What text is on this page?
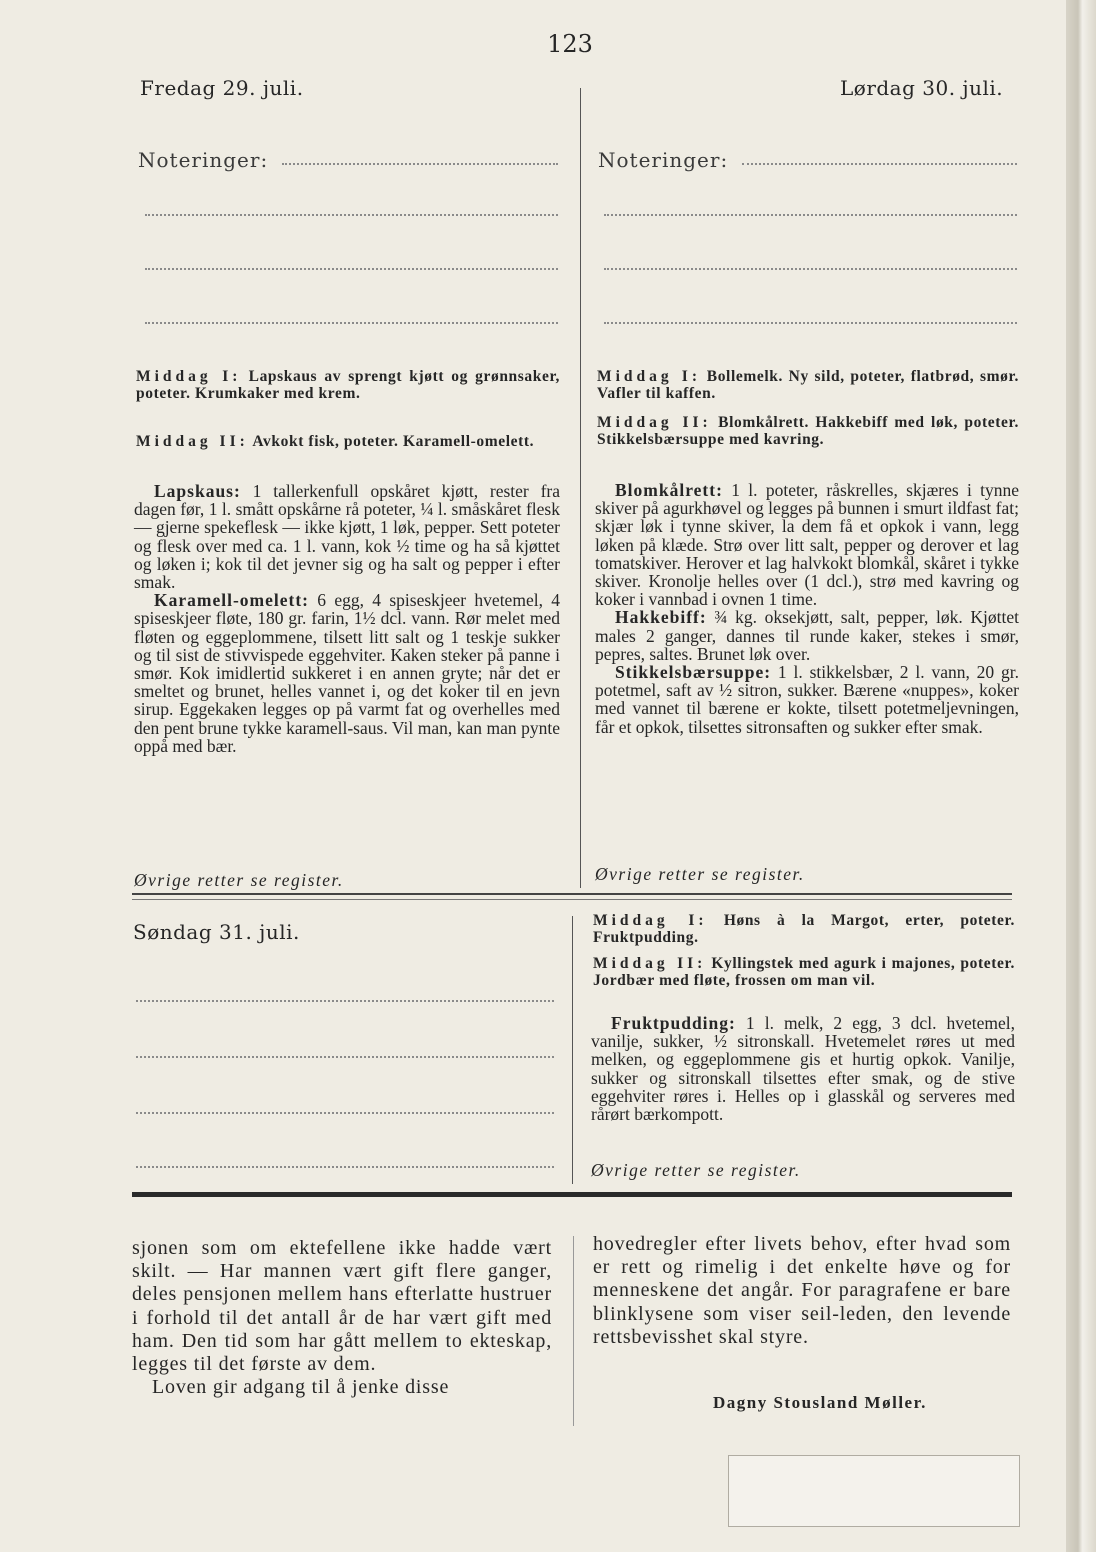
123
Fredag 29. juli.
Noteringer:
Lørdag 30. juli.
Noteringer:
Middag I: Lapskaus av sprengt kjøtt og grønnsaker, poteter. Krumkaker med krem.
Middag II: Avkokt fisk, poteter. Karamell-omelett.

Lapskaus: 1 tallerkenfull opskåret kjøtt, rester fra dagen før, 1 l. smått opskårne rå poteter, ¼ l. småskåret flesk — gjerne spekeflesk — ikke kjøtt, 1 løk, pepper. Sett poteter og flesk over med ca. 1 l. vann, kok ½ time og ha så kjøttet og løken i; kok til det jevner sig og ha salt og pepper i efter smak.

Karamell-omelett: 6 egg, 4 spiseskjeer hvetemel, 4 spiseskjeer fløte, 180 gr. farin, 1½ dcl. vann. Rør melet med fløten og eggeplommene, tilsett litt salt og 1 teskje sukker og til sist de stivvispede eggehviter. Kaken steker på panne i smør. Kok imidlertid sukkeret i en annen gryte; når det er smeltet og brunet, helles vannet i, og det koker til en jevn sirup. Eggekaken legges op på varmt fat og overhelles med den pent brune tykke karamell-saus. Vil man, kan man pynte oppå med bær.

Øvrige retter se register.
Middag I: Bollemelk. Ny sild, poteter, flatbrød, smør. Vafler til kaffen.
Middag II: Blomkålrett. Hakkebiff med løk, poteter. Stikkelsbærsuppe med kavring.

Blomkålrett: 1 l. poteter, råskrelles, skjæres i tynne skiver på agurkhøvel og legges på bunnen i smurt ildfast fat; skjær løk i tynne skiver, la dem få et opkok i vann, legg løken på klæde. Strø over litt salt, pepper og derover et lag tomatskiver. Herover et lag halvkokt blomkål, skåret i tykke skiver. Kronolje helles over (1 dcl.), strø med kavring og koker i vannbad i ovnen 1 time.

Hakkebiff: ¾ kg. oksekjøtt, salt, pepper, løk. Kjøttet males 2 ganger, dannes til runde kaker, stekes i smør, pepres, saltes. Brunet løk over.

Stikkelsbærsuppe: 1 l. stikkelsbær, 2 l. vann, 20 gr. potetmel, saft av ½ sitron, sukker. Bærene «nuppes», koker med vannet til bærene er kokte, tilsett potetmeljevningen, får et opkok, tilsettes sitronsaften og sukker efter smak.

Øvrige retter se register.
Søndag 31. juli.	Middag I: Høns à la Margot, erter, poteter. Fruktpudding.
Middag II: Kyllingstek med agurk i majones, poteter. Jordbær med fløte, frossen om man vil.

Fruktpudding: 1 l. melk, 2 egg, 3 dcl. hvetemel, vanilje, sukker, ½ sitronskall. Hvetemelet røres ut med melken, og eggeplommene gis et hurtig opkok. Vanilje, sukker og sitronskall tilsettes efter smak, og de stive eggehviter røres i. Helles op i glasskål og serveres med rårørt bærkompott.

Øvrige retter se register.

sjonen som om ektefellene ikke hadde vært skilt. — Har mannen vært gift flere ganger, deles pensjonen mellem hans efterlatte hustruer i forhold til det antall år de har vært gift med ham. Den tid som har gått mellem to ekteskap, legges til det første av dem.

Loven gir adgang til å jenke disse

hovedregler efter livets behov, efter hvad som er rett og rimelig i det enkelte høve og for menneskene det angår. For paragrafene er bare blinklysene som viser seil-leden, den levende rettsbevisshet skal styre.

Dagny Stousland Møller.
